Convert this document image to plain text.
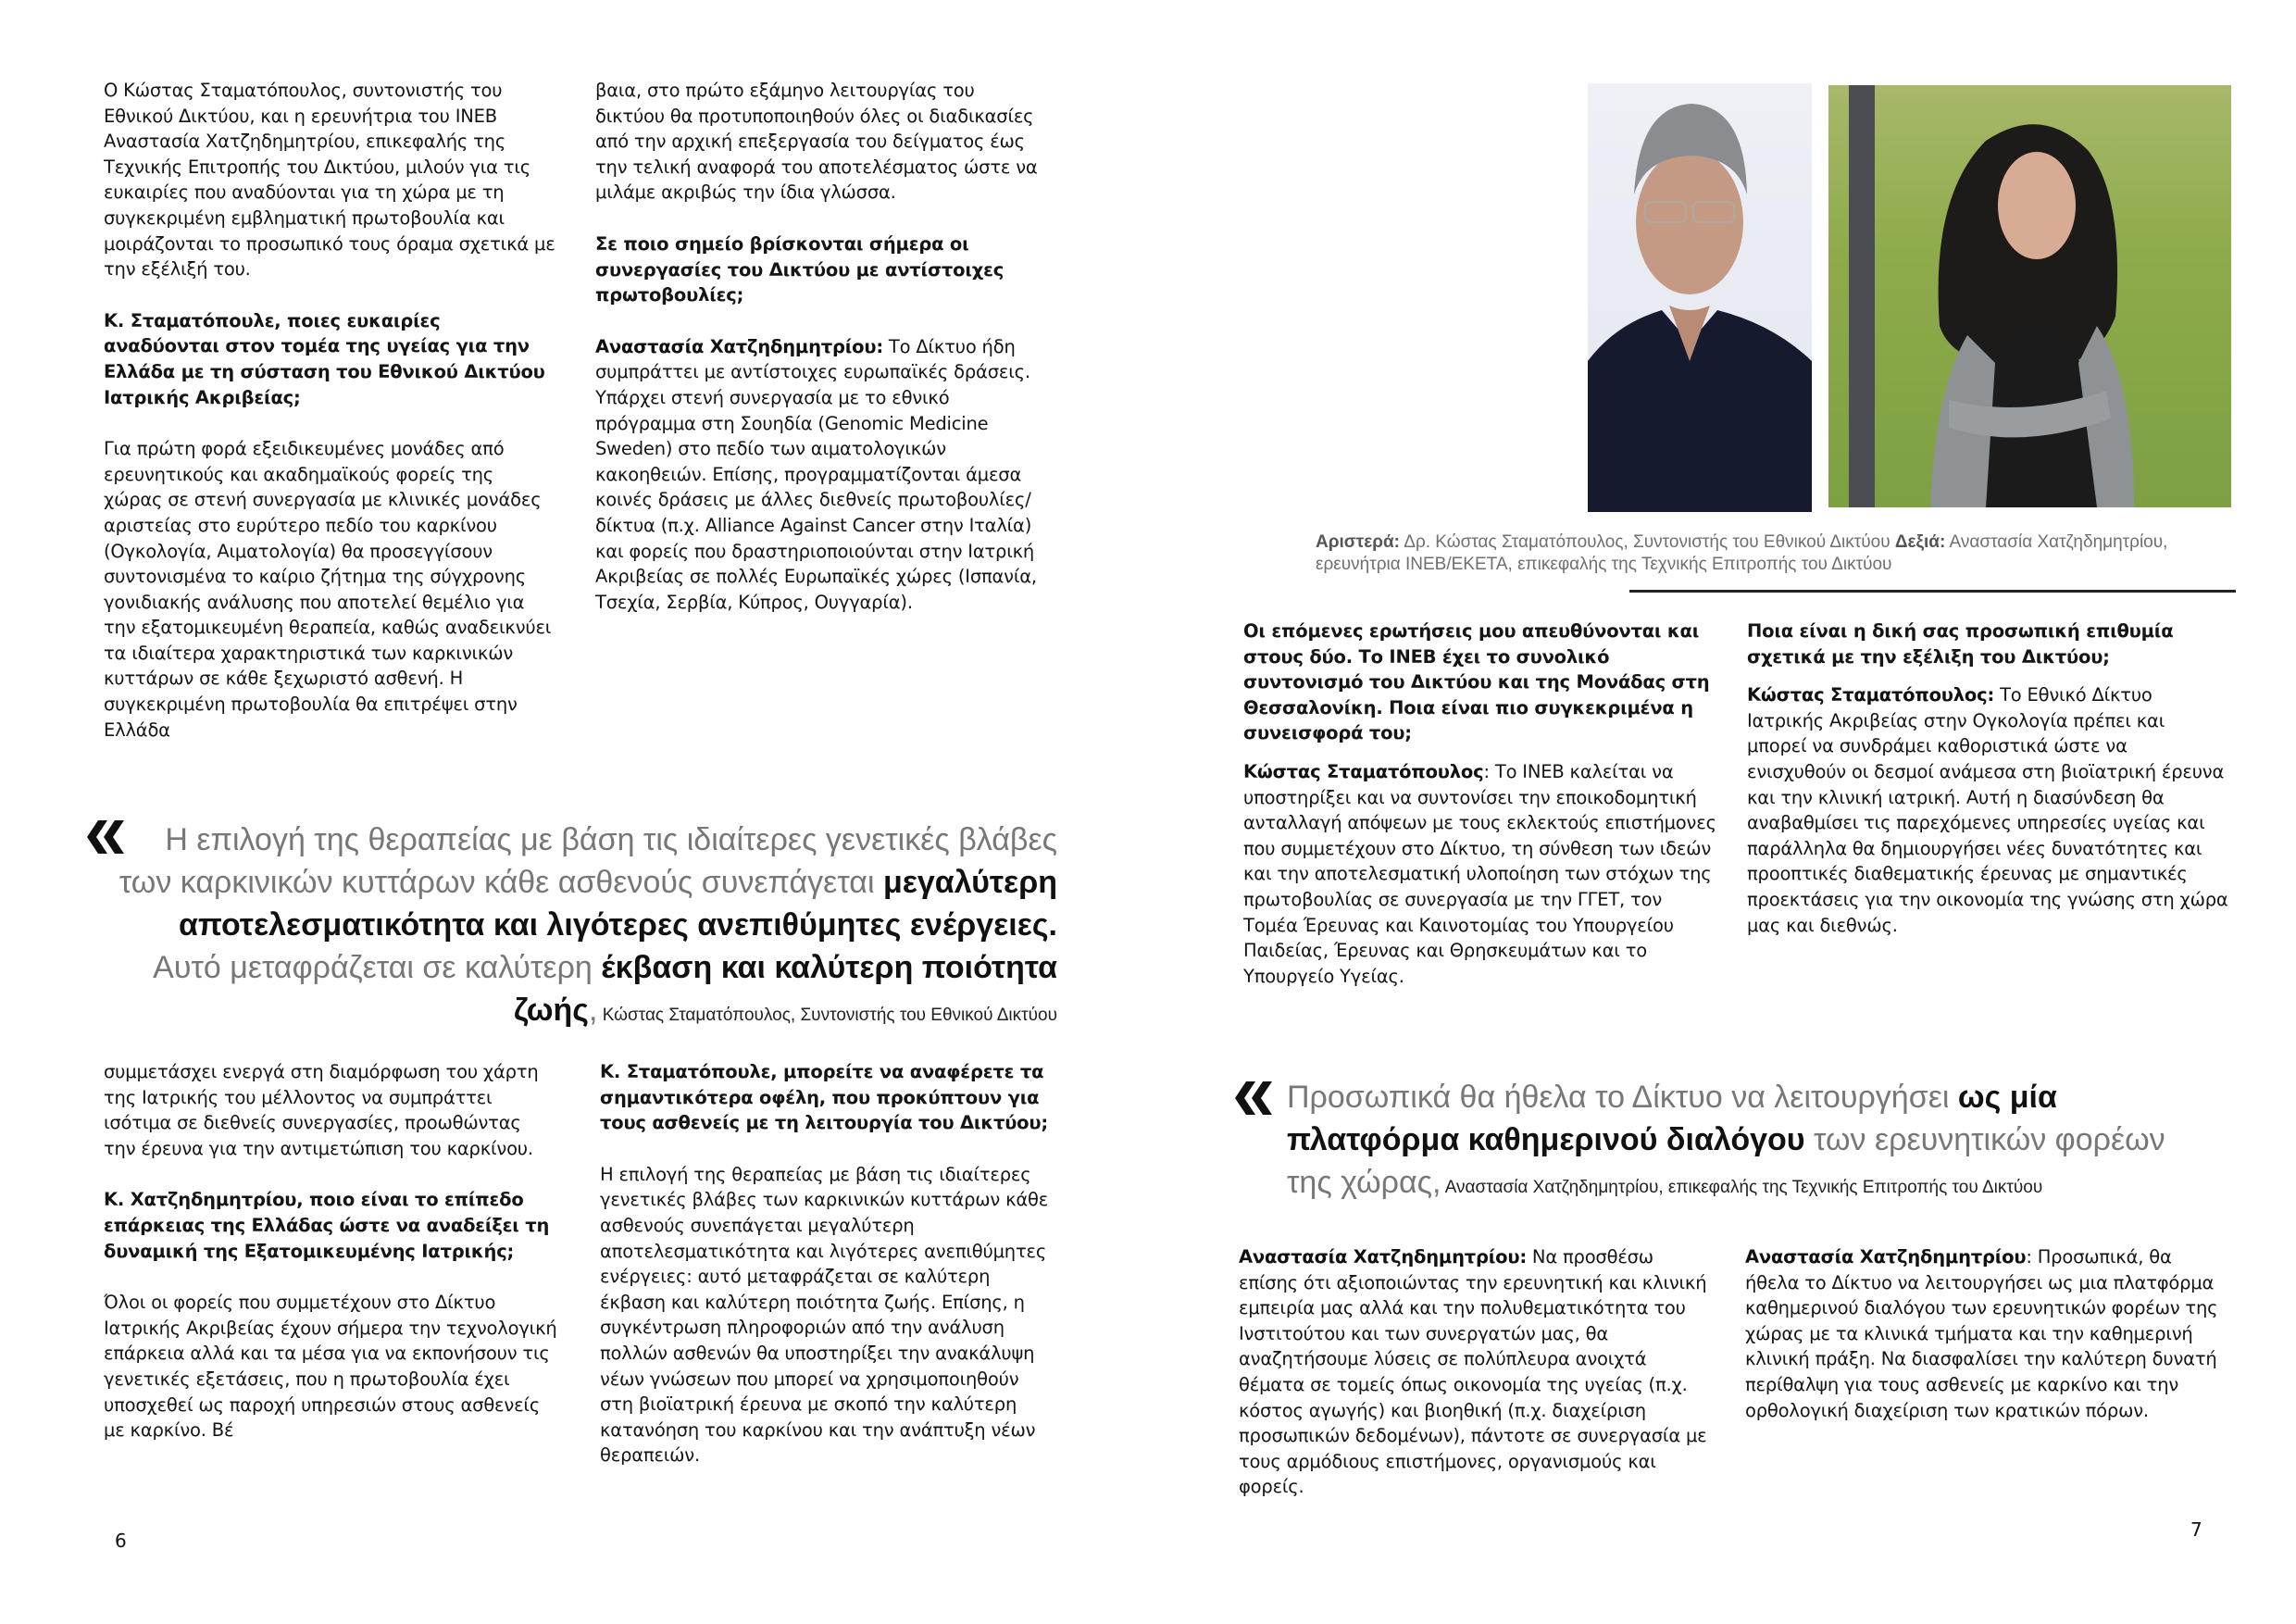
Ο Κώστας Σταματόπουλος, συντονιστής του Εθνικού Δικτύου, και η ερευνήτρια του ΙΝΕΒ Αναστασία Χατζηδημητρίου, επικεφαλής της Τεχνικής Επιτροπής του Δικτύου, μιλούν για τις ευκαιρίες που αναδύονται για τη χώρα με τη συγκεκριμένη εμβληματική πρωτοβουλία και μοιράζονται το προσωπικό τους όραμα σχετικά με την εξέλιξή του.

Κ. Σταματόπουλε, ποιες ευκαιρίες αναδύονται στον τομέα της υγείας για την Ελλάδα με τη σύσταση του Εθνικού Δικτύου Ιατρικής Ακριβείας;

Για πρώτη φορά εξειδικευμένες μονάδες από ερευνητικούς και ακαδημαϊκούς φορείς της χώρας σε στενή συνεργασία με κλινικές μονάδες αριστείας στο ευρύτερο πεδίο του καρκίνου (Ογκολογία, Αιματολογία) θα προσεγγίσουν συντονισμένα το καίριο ζήτημα της σύγχρονης γονιδιακής ανάλυσης που αποτελεί θεμέλιο για την εξατομικευμένη θεραπεία, καθώς αναδεικνύει τα ιδιαίτερα χαρακτηριστικά των καρκινικών κυττάρων σε κάθε ξεχωριστό ασθενή. Η συγκεκριμένη πρωτοβουλία θα επιτρέψει στην Ελλάδα

βαια, στο πρώτο εξάμηνο λειτουργίας του δικτύου θα προτυποποιηθούν όλες οι διαδικασίες από την αρχική επεξεργασία του δείγματος έως την τελική αναφορά του αποτελέσματος ώστε να μιλάμε ακριβώς την ίδια γλώσσα.

Σε ποιο σημείο βρίσκονται σήμερα οι συνεργασίες του Δικτύου με αντίστοιχες πρωτοβουλίες;

Αναστασία Χατζηδημητρίου: Το Δίκτυο ήδη συμπράττει με αντίστοιχες ευρωπαϊκές δράσεις. Υπάρχει στενή συνεργασία με το εθνικό πρόγραμμα στη Σουηδία (Genomic Medicine Sweden) στο πεδίο των αιματολογικών κακοηθειών. Επίσης, προγραμματίζονται άμεσα κοινές δράσεις με άλλες διεθνείς πρωτοβουλίες/δίκτυα (π.χ. Alliance Against Cancer στην Ιταλία) και φορείς που δραστηριοποιούνται στην Ιατρική Ακριβείας σε πολλές Ευρωπαϊκές χώρες (Ισπανία, Τσεχία, Σερβία, Κύπρος, Ουγγαρία).

Η επιλογή της θεραπείας με βάση τις ιδιαίτερες γενετικές βλάβες των καρκινικών κυττάρων κάθε ασθενούς συνεπάγεται μεγαλύτερη αποτελεσματικότητα και λιγότερες ανεπιθύμητες ενέργειες. Αυτό μεταφράζεται σε καλύτερη έκβαση και καλύτερη ποιότητα ζωής, Κώστας Σταματόπουλος, Συντονιστής του Εθνικού Δικτύου

συμμετάσχει ενεργά στη διαμόρφωση του χάρτη της Ιατρικής του μέλλοντος να συμπράττει ισότιμα σε διεθνείς συνεργασίες, προωθώντας την έρευνα για την αντιμετώπιση του καρκίνου.

Κ. Χατζηδημητρίου, ποιο είναι το επίπεδο επάρκειας της Ελλάδας ώστε να αναδείξει τη δυναμική της Εξατομικευμένης Ιατρικής;

Όλοι οι φορείς που συμμετέχουν στο Δίκτυο Ιατρικής Ακριβείας έχουν σήμερα την τεχνολογική επάρκεια αλλά και τα μέσα για να εκπονήσουν τις γενετικές εξετάσεις, που η πρωτοβουλία έχει υποσχεθεί ως παροχή υπηρεσιών στους ασθενείς με καρκίνο. Βέ

Κ. Σταματόπουλε, μπορείτε να αναφέρετε τα σημαντικότερα οφέλη, που προκύπτουν για τους ασθενείς με τη λειτουργία του Δικτύου;

Η επιλογή της θεραπείας με βάση τις ιδιαίτερες γενετικές βλάβες των καρκινικών κυττάρων κάθε ασθενούς συνεπάγεται μεγαλύτερη αποτελεσματικότητα και λιγότερες ανεπιθύμητες ενέργειες: αυτό μεταφράζεται σε καλύτερη έκβαση και καλύτερη ποιότητα ζωής. Επίσης, η συγκέντρωση πληροφοριών από την ανάλυση πολλών ασθενών θα υποστηρίξει την ανακάλυψη νέων γνώσεων που μπορεί να χρησιμοποιηθούν στη βιοϊατρική έρευνα με σκοπό την καλύτερη κατανόηση του καρκίνου και την ανάπτυξη νέων θεραπειών.

6
Αριστερά: Δρ. Κώστας Σταματόπουλος, Συντονιστής του Εθνικού Δικτύου Δεξιά: Αναστασία Χατζηδημητρίου, ερευνήτρια ΙΝΕΒ/ΕΚΕΤΑ, επικεφαλής της Τεχνικής Επιτροπής του Δικτύου

Οι επόμενες ερωτήσεις μου απευθύνονται και στους δύο. Το ΙΝΕΒ έχει το συνολικό συντονισμό του Δικτύου και της Μονάδας στη Θεσσαλονίκη. Ποια είναι πιο συγκεκριμένα η συνεισφορά του;

Κώστας Σταματόπουλος: Το ΙΝΕΒ καλείται να υποστηρίξει και να συντονίσει την εποικοδομητική ανταλλαγή απόψεων με τους εκλεκτούς επιστήμονες που συμμετέχουν στο Δίκτυο, τη σύνθεση των ιδεών και την αποτελεσματική υλοποίηση των στόχων της πρωτοβουλίας σε συνεργασία με την ΓΓΕΤ, τον Τομέα Έρευνας και Καινοτομίας του Υπουργείου Παιδείας, Έρευνας και Θρησκευμάτων και το Υπουργείο Υγείας.

Ποια είναι η δική σας προσωπική επιθυμία σχετικά με την εξέλιξη του Δικτύου;

Κώστας Σταματόπουλος: Το Εθνικό Δίκτυο Ιατρικής Ακριβείας στην Ογκολογία πρέπει και μπορεί να συνδράμει καθοριστικά ώστε να ενισχυθούν οι δεσμοί ανάμεσα στη βιοϊατρική έρευνα και την κλινική ιατρική. Αυτή η διασύνδεση θα αναβαθμίσει τις παρεχόμενες υπηρεσίες υγείας και παράλληλα θα δημιουργήσει νέες δυνατότητες και προοπτικές διαθεματικής έρευνας με σημαντικές προεκτάσεις για την οικονομία της γνώσης στη χώρα μας και διεθνώς.

Προσωπικά θα ήθελα το Δίκτυο να λειτουργήσει ως μία πλατφόρμα καθημερινού διαλόγου των ερευνητικών φορέων της χώρας, Αναστασία Χατζηδημητρίου, επικεφαλής της Τεχνικής Επιτροπής του Δικτύου

Αναστασία Χατζηδημητρίου: Να προσθέσω επίσης ότι αξιοποιώντας την ερευνητική και κλινική εμπειρία μας αλλά και την πολυθεματικότητα του Ινστιτούτου και των συνεργατών μας, θα αναζητήσουμε λύσεις σε πολύπλευρα ανοιχτά θέματα σε τομείς όπως οικονομία της υγείας (π.χ. κόστος αγωγής) και βιοηθική (π.χ. διαχείριση προσωπικών δεδομένων), πάντοτε σε συνεργασία με τους αρμόδιους επιστήμονες, οργανισμούς και φορείς.

Αναστασία Χατζηδημητρίου: Προσωπικά, θα ήθελα το Δίκτυο να λειτουργήσει ως μια πλατφόρμα καθημερινού διαλόγου των ερευνητικών φορέων της χώρας με τα κλινικά τμήματα και την καθημερινή κλινική πράξη. Να διασφαλίσει την καλύτερη δυνατή περίθαλψη για τους ασθενείς με καρκίνο και την ορθολογική διαχείριση των κρατικών πόρων.

7
